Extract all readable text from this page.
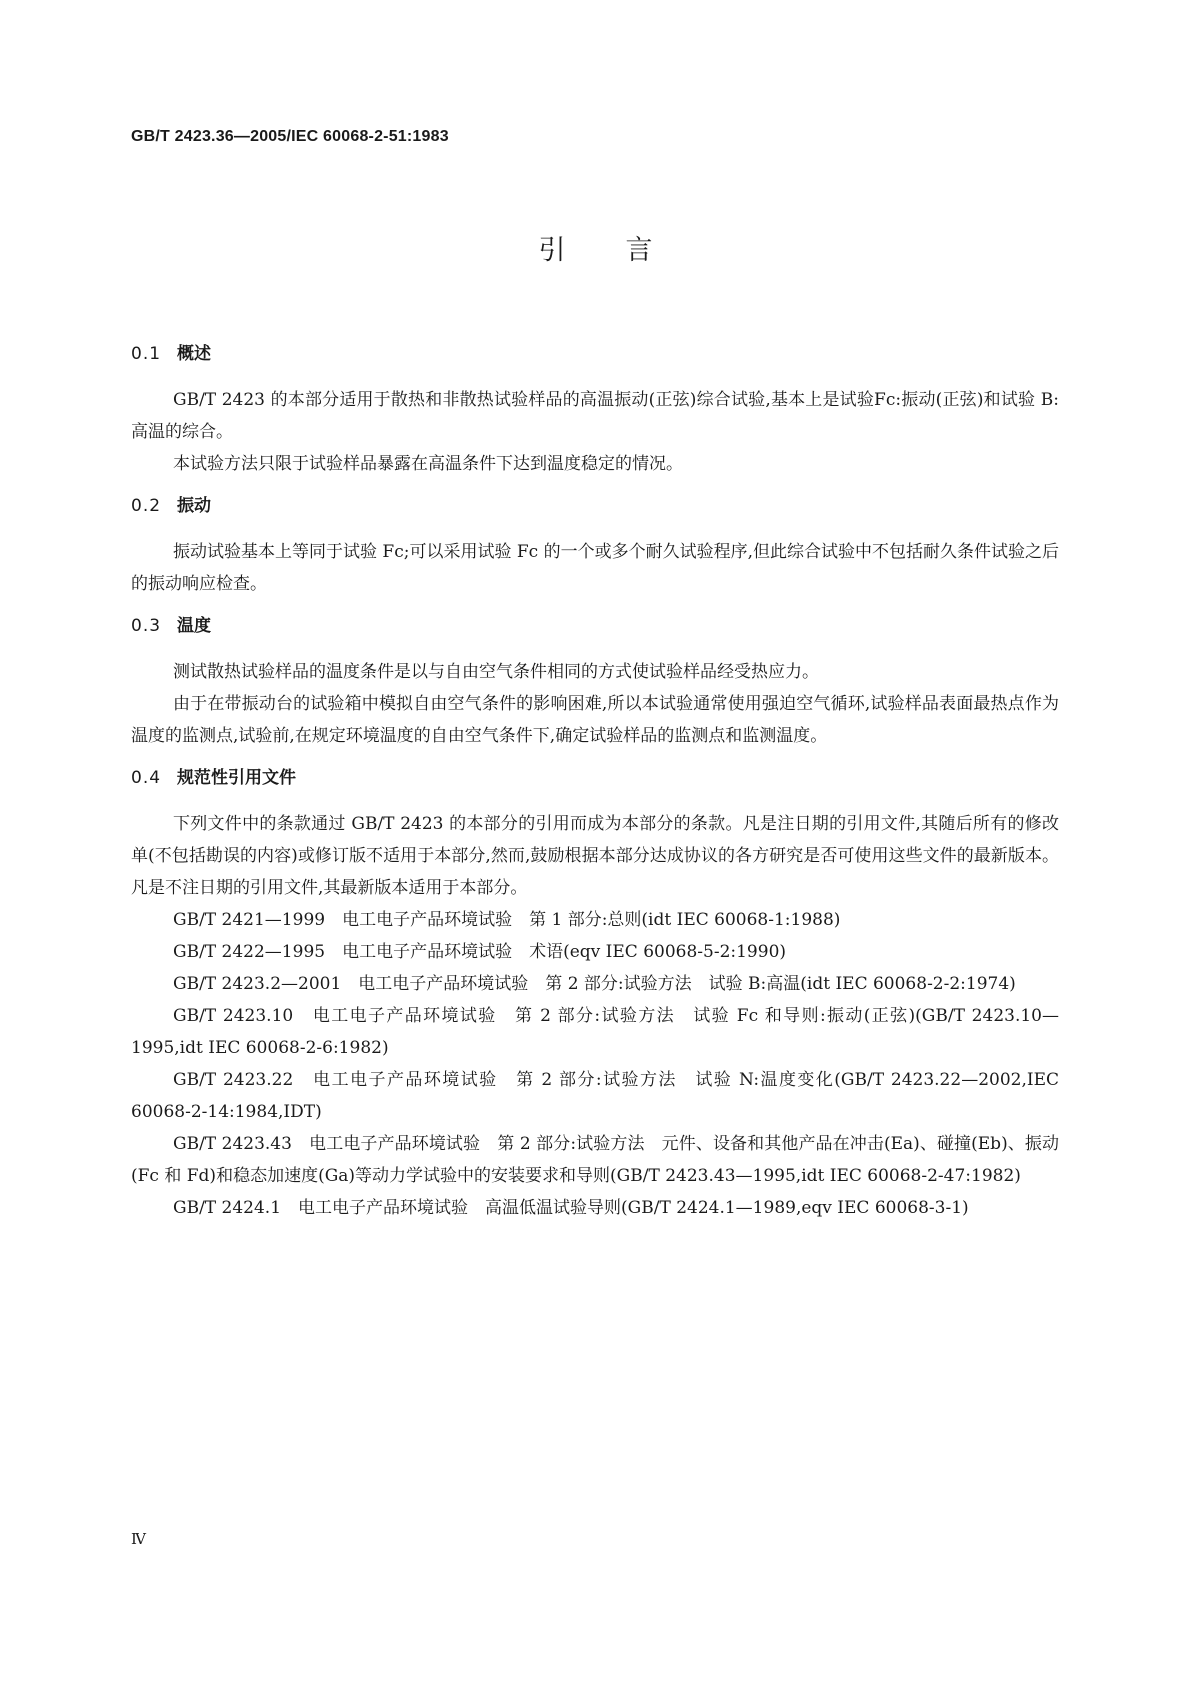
GB/T 2423.36—2005/IEC 60068-2-51:1983
引言
0.1 概述

GB/T 2423 的本部分适用于散热和非散热试验样品的高温振动(正弦)综合试验,基本上是试验Fc:振动(正弦)和试验 B:高温的综合。

本试验方法只限于试验样品暴露在高温条件下达到温度稳定的情况。

0.2 振动

振动试验基本上等同于试验 Fc;可以采用试验 Fc 的一个或多个耐久试验程序,但此综合试验中不包括耐久条件试验之后的振动响应检查。

0.3 温度

测试散热试验样品的温度条件是以与自由空气条件相同的方式使试验样品经受热应力。

由于在带振动台的试验箱中模拟自由空气条件的影响困难,所以本试验通常使用强迫空气循环,试验样品表面最热点作为温度的监测点,试验前,在规定环境温度的自由空气条件下,确定试验样品的监测点和监测温度。

0.4 规范性引用文件

下列文件中的条款通过 GB/T 2423 的本部分的引用而成为本部分的条款。凡是注日期的引用文件,其随后所有的修改单(不包括勘误的内容)或修订版不适用于本部分,然而,鼓励根据本部分达成协议的各方研究是否可使用这些文件的最新版本。凡是不注日期的引用文件,其最新版本适用于本部分。

GB/T 2421—1999　电工电子产品环境试验　第 1 部分:总则(idt IEC 60068-1:1988)

GB/T 2422—1995　电工电子产品环境试验　术语(eqv IEC 60068-5-2:1990)

GB/T 2423.2—2001　电工电子产品环境试验　第 2 部分:试验方法　试验 B:高温(idt IEC 60068-2-2:1974)

GB/T 2423.10　电工电子产品环境试验　第 2 部分:试验方法　试验 Fc 和导则:振动(正弦)(GB/T 2423.10—1995,idt IEC 60068-2-6:1982)

GB/T 2423.22　电工电子产品环境试验　第 2 部分:试验方法　试验 N:温度变化(GB/T 2423.22—2002,IEC 60068-2-14:1984,IDT)

GB/T 2423.43　电工电子产品环境试验　第 2 部分:试验方法　元件、设备和其他产品在冲击(Ea)、碰撞(Eb)、振动(Fc 和 Fd)和稳态加速度(Ga)等动力学试验中的安装要求和导则(GB/T 2423.43—1995,idt IEC 60068-2-47:1982)

GB/T 2424.1　电工电子产品环境试验　高温低温试验导则(GB/T 2424.1—1989,eqv IEC 60068-3-1)

Ⅳ
